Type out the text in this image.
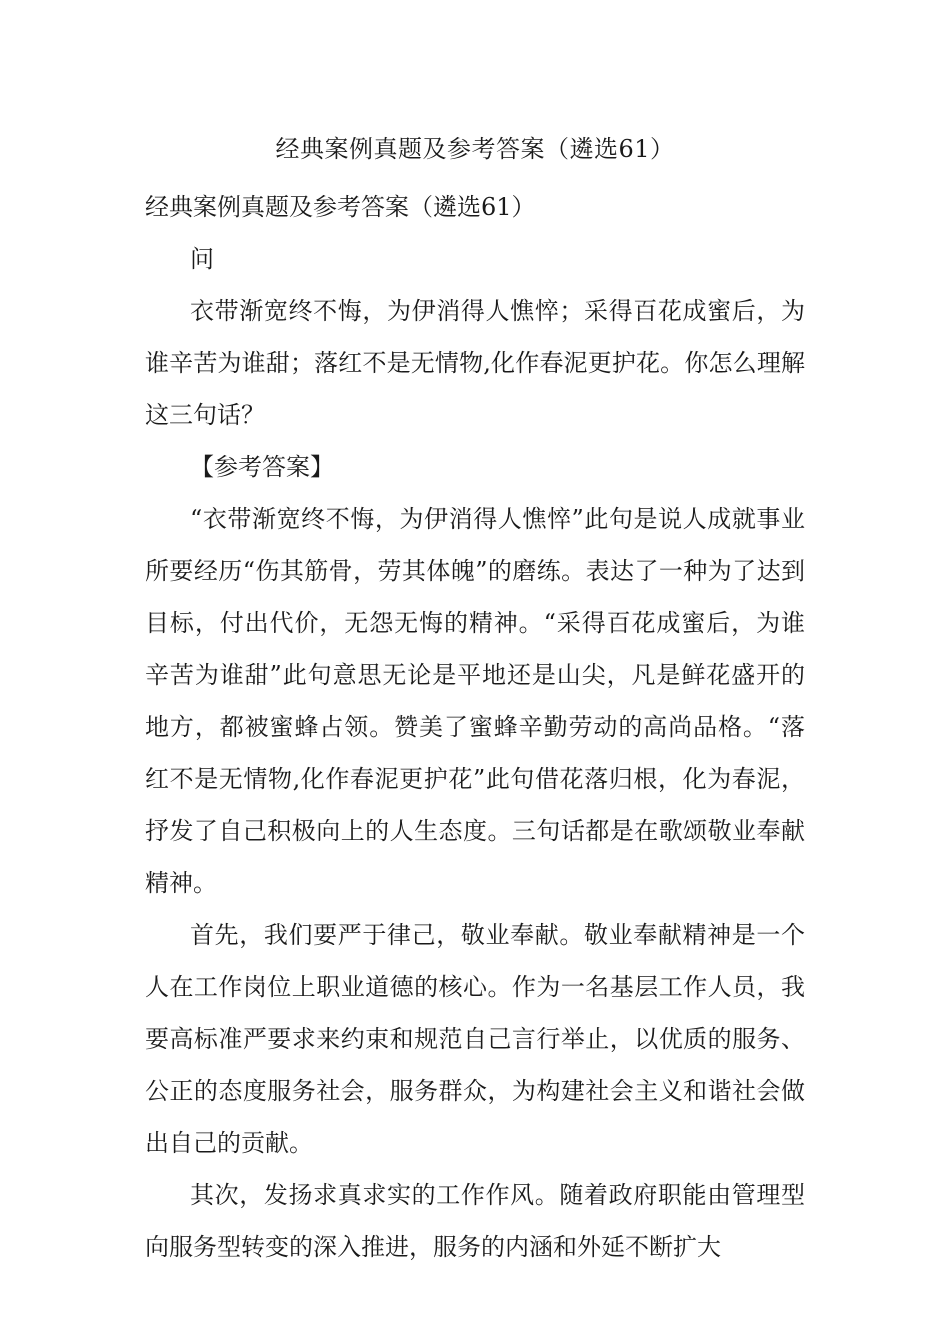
经典案例真题及参考答案（遴选61）

经典案例真题及参考答案（遴选61）

问

衣带渐宽终不悔，为伊消得人憔悴；采得百花成蜜后，为谁辛苦为谁甜；落红不是无情物,化作春泥更护花。你怎么理解这三句话？

【参考答案】

“衣带渐宽终不悔，为伊消得人憔悴”此句是说人成就事业所要经历“伤其筋骨，劳其体魄”的磨练。表达了一种为了达到目标，付出代价，无怨无悔的精神。“采得百花成蜜后，为谁辛苦为谁甜”此句意思无论是平地还是山尖，凡是鲜花盛开的地方，都被蜜蜂占领。赞美了蜜蜂辛勤劳动的高尚品格。“落红不是无情物,化作春泥更护花”此句借花落归根，化为春泥，抒发了自己积极向上的人生态度。三句话都是在歌颂敬业奉献精神。

首先，我们要严于律己，敬业奉献。敬业奉献精神是一个人在工作岗位上职业道德的核心。作为一名基层工作人员，我要高标准严要求来约束和规范自己言行举止，以优质的服务、公正的态度服务社会，服务群众，为构建社会主义和谐社会做出自己的贡献。

其次，发扬求真求实的工作作风。随着政府职能由管理型向服务型转变的深入推进，服务的内涵和外延不断扩大
